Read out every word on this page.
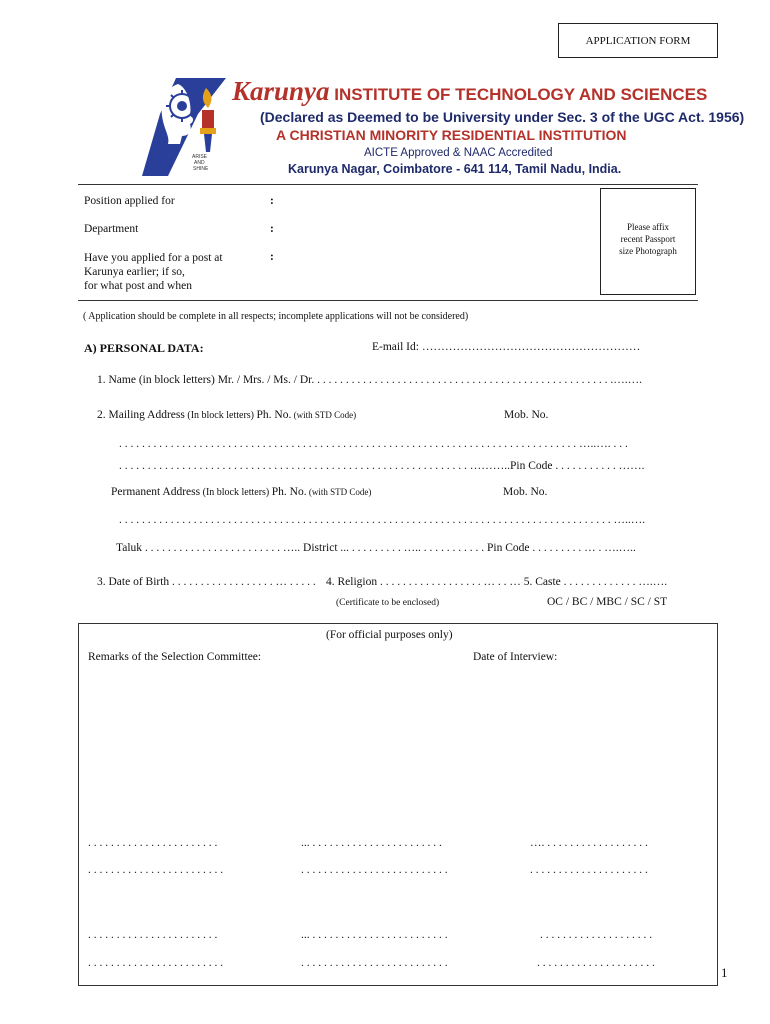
APPLICATION FORM
ARISE
AND
SHINE
Karunya INSTITUTE OF TECHNOLOGY AND SCIENCES
(Declared as Deemed to be University under Sec. 3 of the UGC Act. 1956)
A CHRISTIAN MINORITY RESIDENTIAL INSTITUTION
AICTE Approved & NAAC Accredited
Karunya Nagar, Coimbatore - 641 114, Tamil Nadu, India.
Position applied for	:
Department	:
Have you applied for a post at
Karunya earlier; if so,
for what post and when
:
Please affix
recent Passport
size Photograph
( Application should be complete in all respects; incomplete applications will not be considered)
A) PERSONAL DATA:	E-mail Id: …………………………………………………
1. Name (in block letters) Mr. / Mrs. / Ms. / Dr. . . . . . . . . . . . . . . . . . . . . . . . . . . . . . . . . . . . . . . . . . . . . . . . . . . . .….….
2. Mailing Address (In block letters) Ph. No. (with STD Code)	Mob. No.
. . . . . . . . . . . . . . . . . . . . . . . . . . . . . . . . . . . . . . . . . . . . . . . . . . . . . . . . . . . . . . . . . . . . . . . . . . . . . . . . …..…. . . .
. . . . . . . . . . . . . . . . . . . . . . . . . . . . . . . . . . . . . . . . . . . . . . . . . . . . . . . . . . . . . ………..Pin Code . . . . . . . . . . . …….
Permanent Address (In block letters) Ph. No. (with STD Code)	Mob. No.
. . . . . . . . . . . . . . . . . . . . . . . . . . . . . . . . . . . . . . . . . . . . . . . . . . . . . . . . . . . . . . . . . . . . . . . . . . . . . . . . . . . . . . …..….
Taluk . . . . . . . . . . . . . . . . . . . . . . . . ….. District ... . . . . . . . . . ….. . . . . . . . . . . . Pin Code . . . . . . . . . … . ….…..
3. Date of Birth . . . . . . . . . . . . . . . . . . … . . . . . 4. Religion . . . . . . . . . . . . . . . . . . … . . … 5. Caste . . . . . . . . . . . . . ….….
(Certificate to be enclosed)	OC / BC / MBC / SC / ST
(For official purposes only)
Remarks of the Selection Committee:	Date of Interview:
. . . . . . . . . . . . . . . . . . . . . . .	... . . . . . . . . . . . . . . . . . . . . . . .	…. . . . . . . . . . . . . . . . . . .
. . . . . . . . . . . . . . . . . . . . . . . .	. . . . . . . . . . . . . . . . . . . . . . . . . .	. . . . . . . . . . . . . . . . . . . . .
. . . . . . . . . . . . . . . . . . . . . . .	... . . . . . . . . . . . . . . . . . . . . . . . .	. . . . . . . . . . . . . . . . . . . .
. . . . . . . . . . . . . . . . . . . . . . . .	. . . . . . . . . . . . . . . . . . . . . . . . . .	. . . . . . . . . . . . . . . . . . . . .
1
